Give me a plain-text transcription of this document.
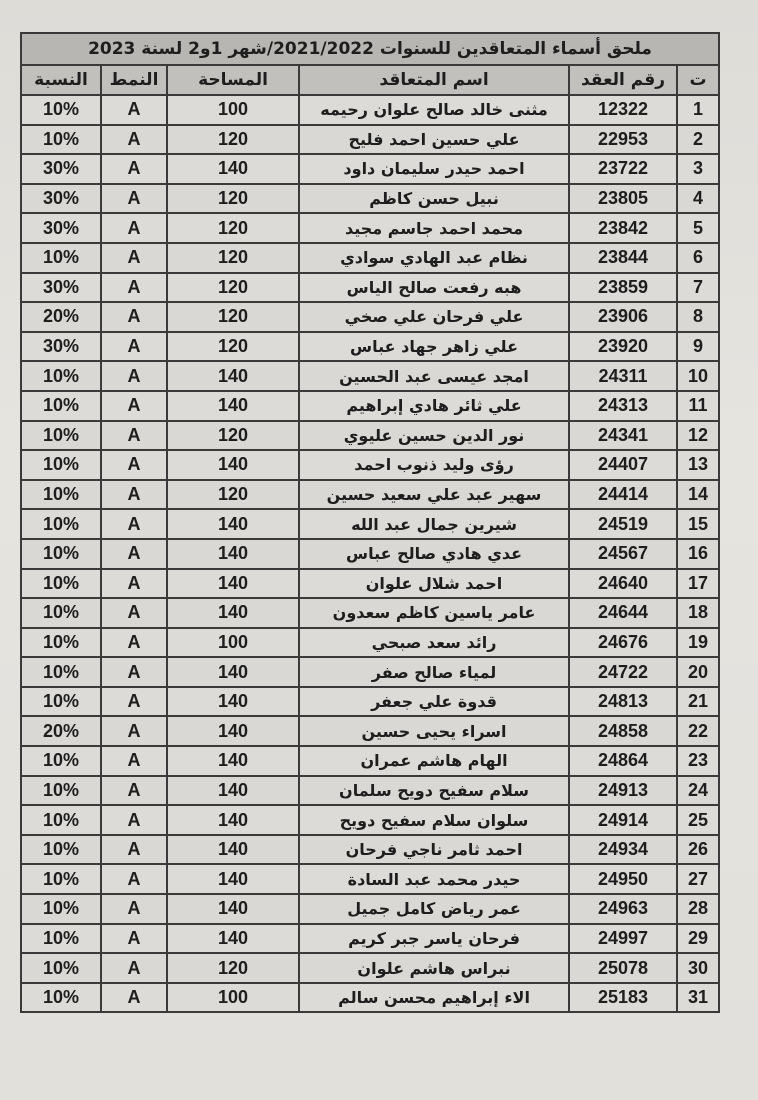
ملحق أسماء المتعاقدين للسنوات 2021/2022/شهر 1و2 لسنة 2023					
ت	رقم العقد	اسم المتعاقد	المساحة	النمط	النسبة
1	12322	مثنى خالد صالح علوان رحيمه	100	A	10%
2	22953	علي حسين احمد فليح	120	A	10%
3	23722	احمد حيدر سليمان داود	140	A	30%
4	23805	نبيل حسن كاظم	120	A	30%
5	23842	محمد احمد جاسم مجيد	120	A	30%
6	23844	نظام عبد الهادي سوادي	120	A	10%
7	23859	هبه رفعت صالح الياس	120	A	30%
8	23906	علي فرحان علي صخي	120	A	20%
9	23920	علي زاهر جهاد عباس	120	A	30%
10	24311	امجد عيسى عبد الحسين	140	A	10%
11	24313	علي ثائر هادي إبراهيم	140	A	10%
12	24341	نور الدين حسين عليوي	120	A	10%
13	24407	رؤى وليد ذنوب احمد	140	A	10%
14	24414	سهير عبد علي سعيد حسين	120	A	10%
15	24519	شيرين جمال عبد الله	140	A	10%
16	24567	عدي هادي صالح عباس	140	A	10%
17	24640	احمد شلال علوان	140	A	10%
18	24644	عامر ياسين كاظم سعدون	140	A	10%
19	24676	رائد سعد صبحي	100	A	10%
20	24722	لمياء صالح صفر	140	A	10%
21	24813	قدوة علي جعفر	140	A	10%
22	24858	اسراء يحيى حسين	140	A	20%
23	24864	الهام هاشم عمران	140	A	10%
24	24913	سلام سفيح دويح سلمان	140	A	10%
25	24914	سلوان سلام سفيح دويح	140	A	10%
26	24934	احمد ثامر ناجي فرحان	140	A	10%
27	24950	حيدر محمد عبد السادة	140	A	10%
28	24963	عمر رياض كامل جميل	140	A	10%
29	24997	فرحان ياسر جبر كريم	140	A	10%
30	25078	نبراس هاشم علوان	120	A	10%
31	25183	الاء إبراهيم محسن سالم	100	A	10%
